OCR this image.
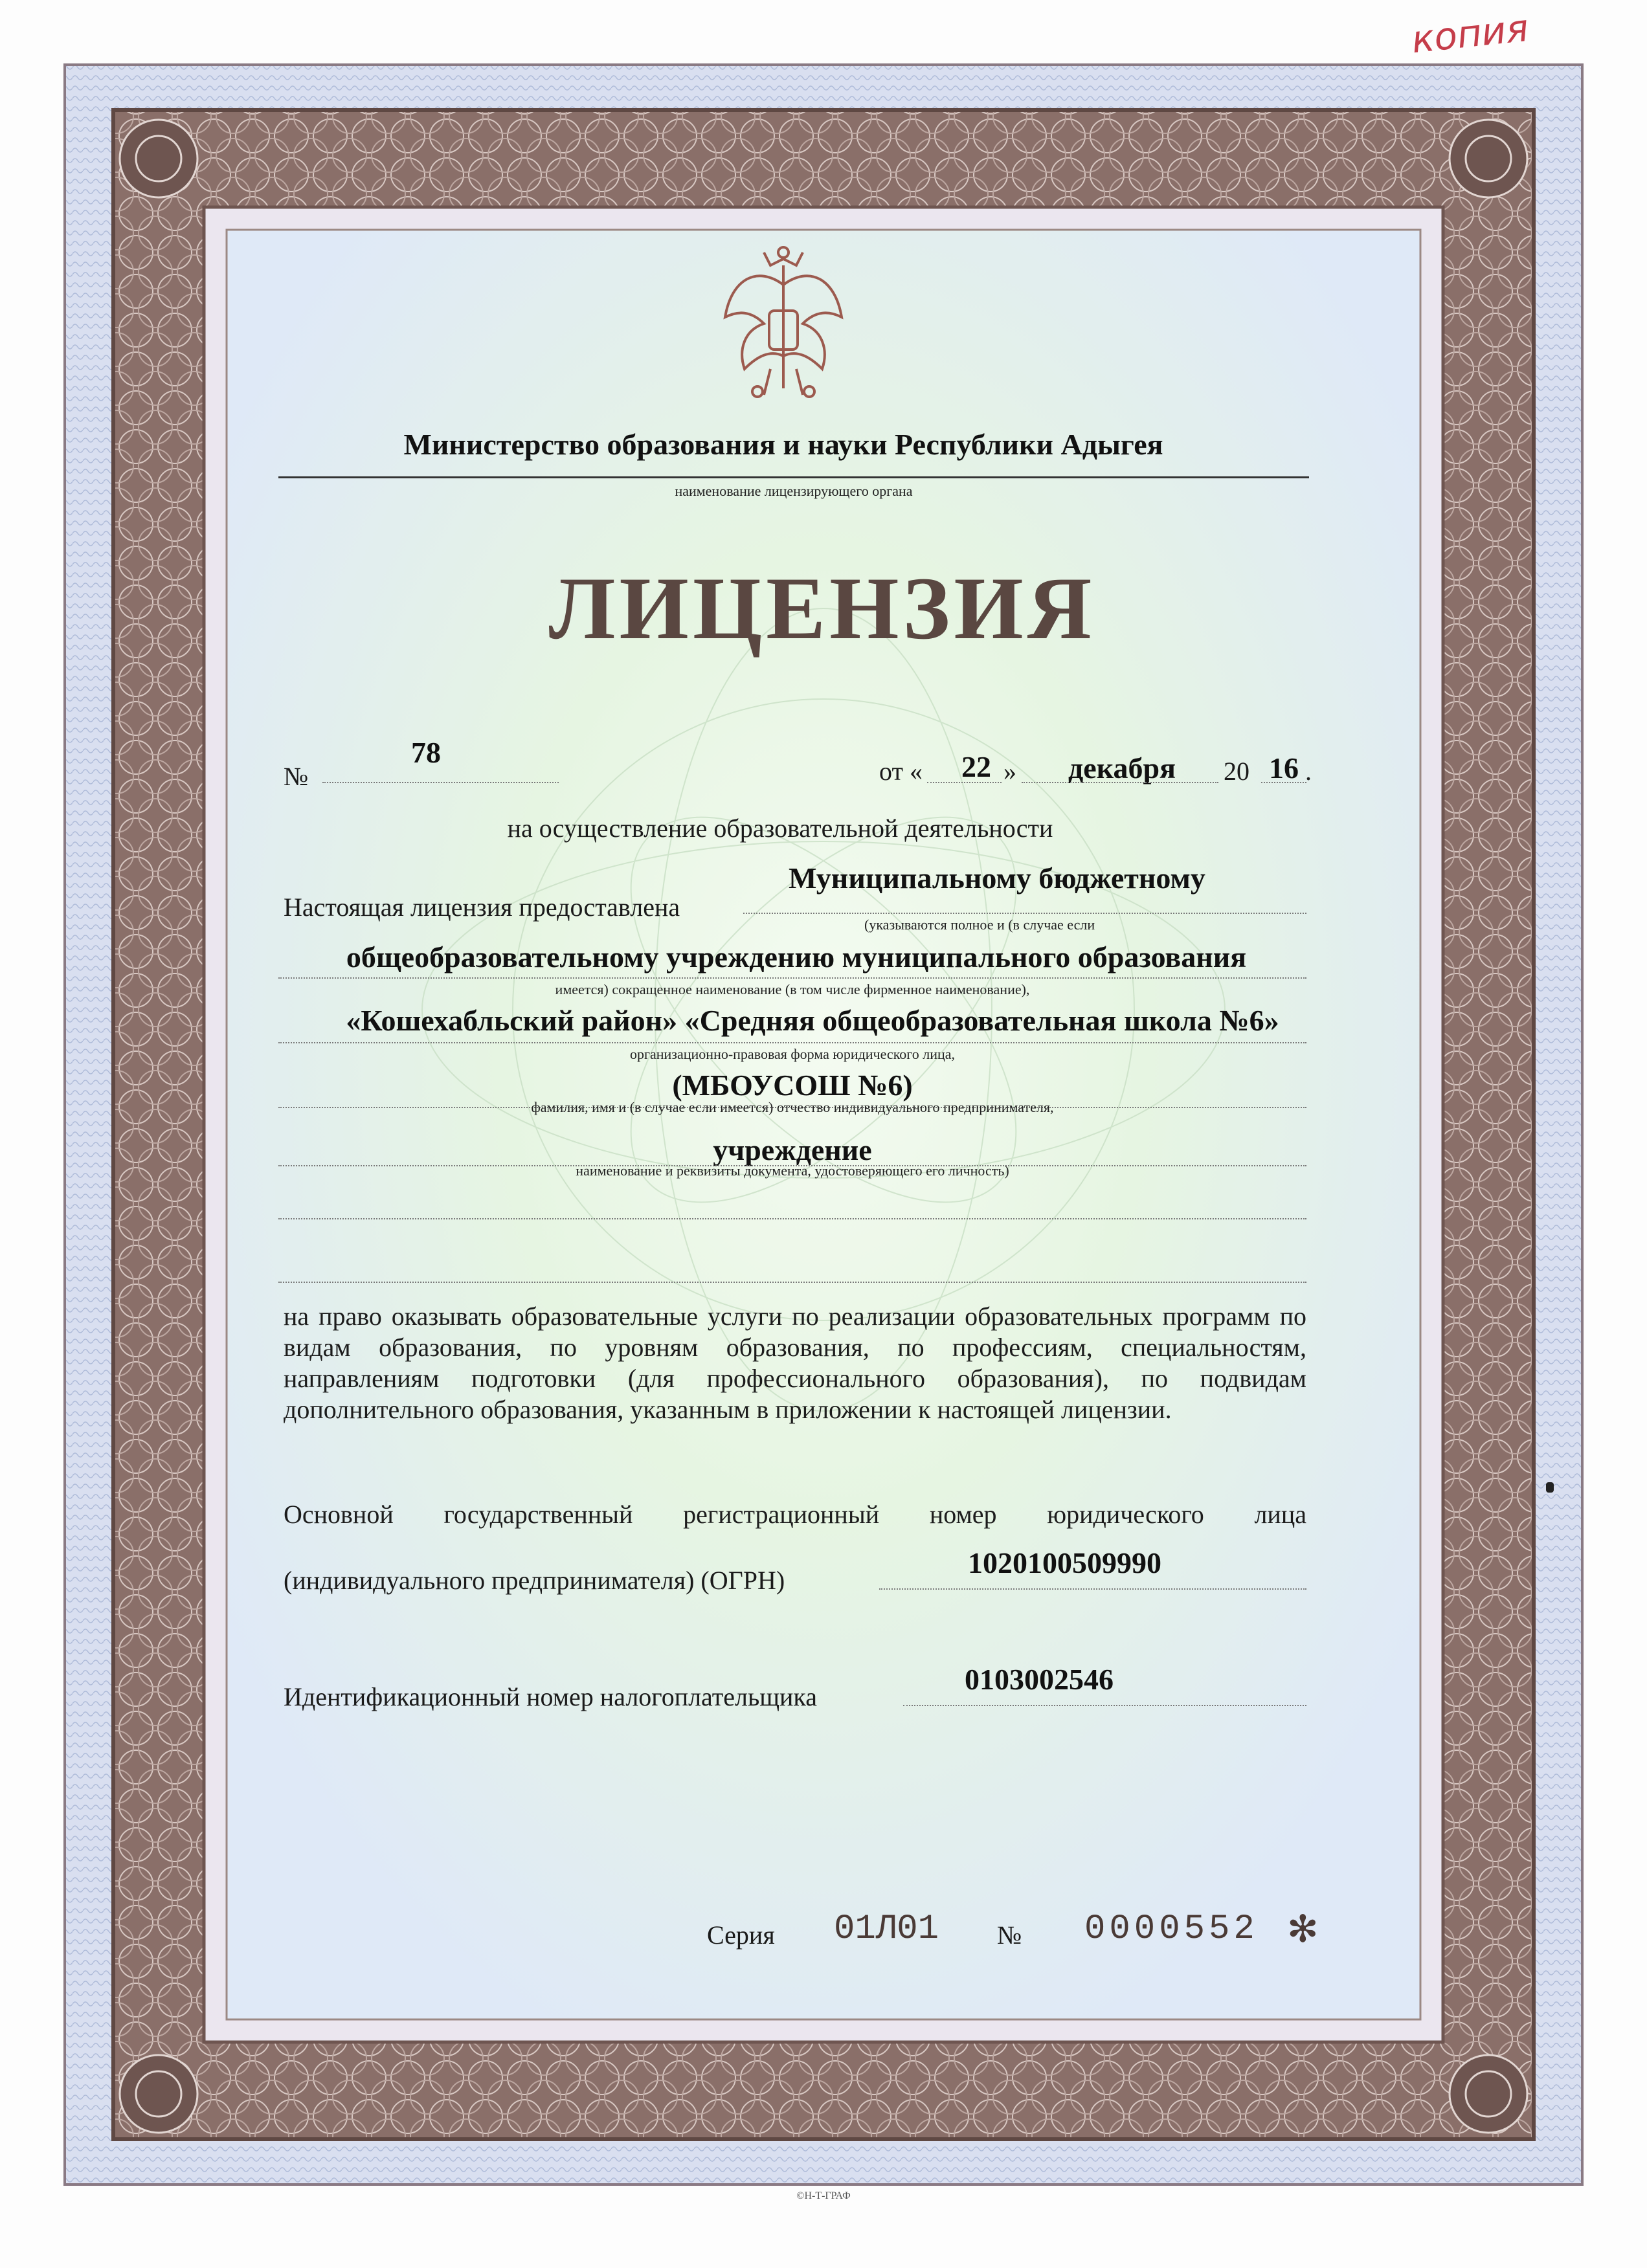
копия
Министерство образования и науки Республики Адыгея
наименование лицензирующего органа
ЛИЦЕНЗИЯ
№
78
от « 22 » декабря 20 16 .
на осуществление образовательной деятельности
Настоящая лицензия предоставлена
Муниципальному бюджетному
(указываются полное и (в случае если
общеобразовательному учреждению муниципального образования
имеется) сокращенное наименование (в том числе фирменное наименование),
«Кошехабльский район» «Средняя общеобразовательная школа №6»
организационно-правовая форма юридического лица,
(МБОУСОШ №6)
фамилия, имя и (в случае если имеется) отчество индивидуального предпринимателя,
учреждение
наименование и реквизиты документа, удостоверяющего его личность)
на право оказывать образовательные услуги по реализации образовательных программ по видам образования, по уровням образования, по профессиям, специальностям, направлениям подготовки (для профессионального образования), по подвидам дополнительного образования, указанным в приложении к настоящей лицензии.
Основной государственный регистрационный номер юридического лица
(индивидуального предпринимателя) (ОГРН)
1020100509990
Идентификационный номер налогоплательщика
0103002546
Серия 01Л01 № 0000552 ✻
©Н-Т-ГРАФ
